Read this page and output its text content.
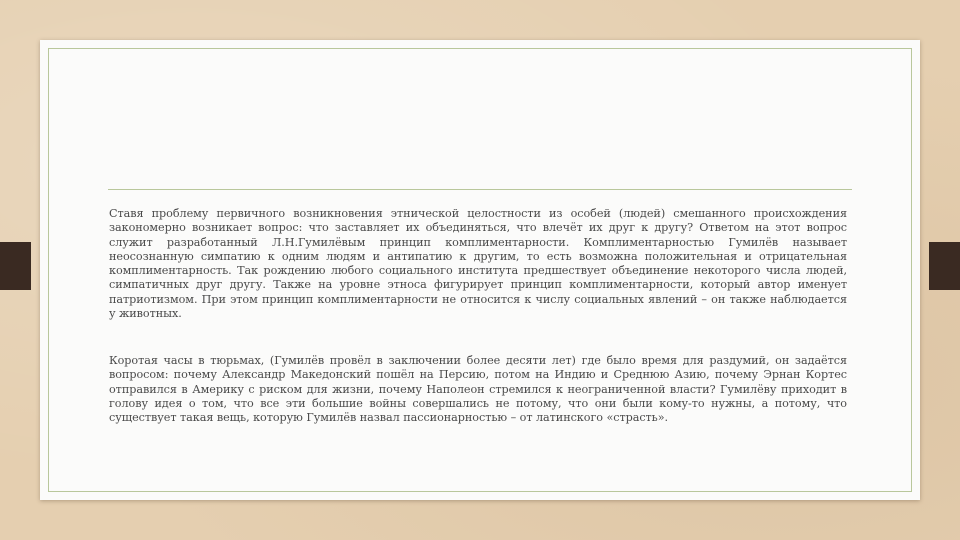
Ставя проблему первичного возникновения этнической целостности из особей (людей) смешанного происхождения закономерно возникает вопрос: что заставляет их объединяться, что влечёт их друг к другу? Ответом на этот вопрос служит разработанный Л.Н.Гумилёвым принцип комплиментарности. Комплиментарностью Гумилёв называет неосознанную симпатию к одним людям и антипатию к другим, то есть возможна положительная и отрицательная комплиментарность. Так рождению любого социального института предшествует объединение некоторого числа людей, симпатичных друг другу. Также на уровне этноса фигурирует принцип комплиментарности, который автор именует патриотизмом. При этом принцип комплиментарности не относится к числу социальных явлений – он также наблюдается у животных.

Коротая часы в тюрьмах, (Гумилёв провёл в заключении более десяти лет) где было время для раздумий, он задаётся вопросом: почему Александр Македонский пошёл на Персию, потом на Индию и Среднюю Азию, почему Эрнан Кортес отправился в Америку с риском для жизни, почему Наполеон стремился к неограниченной власти? Гумилёву приходит в голову идея о том, что все эти большие войны совершались не потому, что они были кому-то нужны, а потому, что существует такая вещь, которую Гумилёв назвал пассионарностью – от латинского «страсть».
